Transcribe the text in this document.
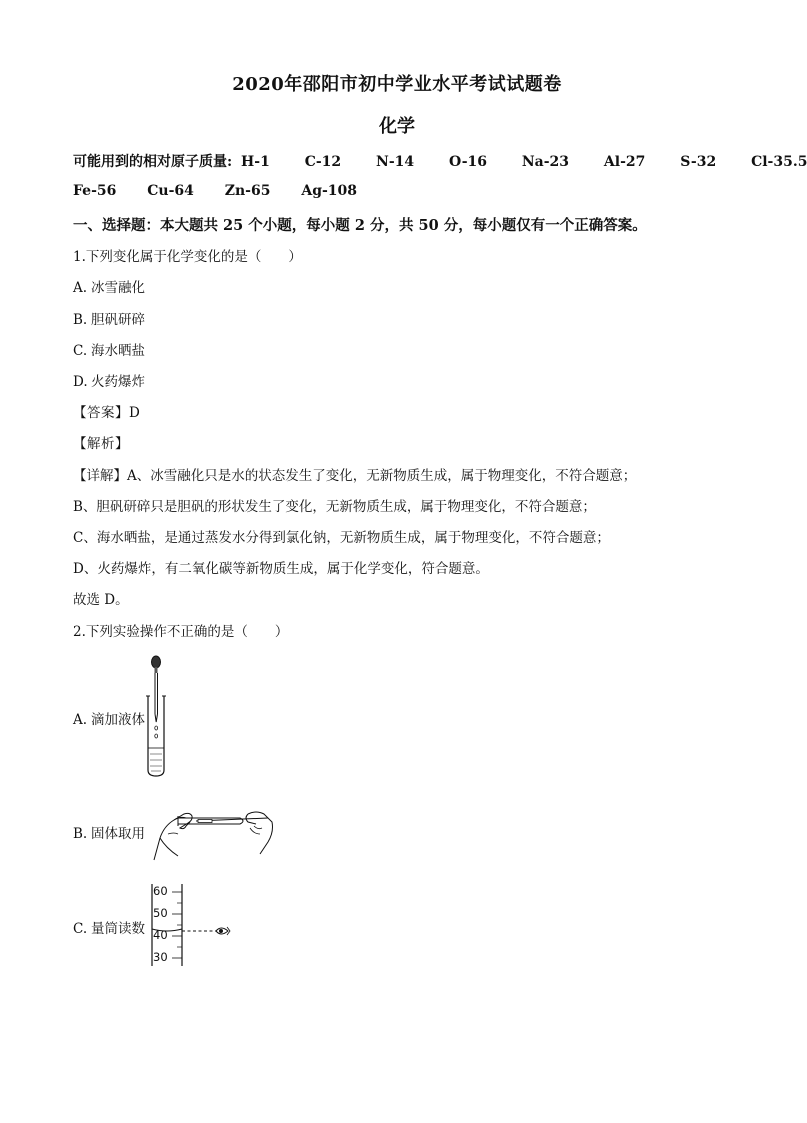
2020年邵阳市初中学业水平考试试题卷
化学
可能用到的相对原子质量: H-1 C-12 N-14 O-16 Na-23 Al-27 S-32 Cl-35.5
Fe-56 Cu-64 Zn-65 Ag-108
一、选择题：本大题共 25 个小题，每小题 2 分，共 50 分，每小题仅有一个正确答案。
1.下列变化属于化学变化的是（　　）
A. 冰雪融化
B. 胆矾研碎
C. 海水晒盐
D. 火药爆炸
【答案】D
【解析】
【详解】A、冰雪融化只是水的状态发生了变化，无新物质生成，属于物理变化，不符合题意；
B、胆矾研碎只是胆矾的形状发生了变化，无新物质生成，属于物理变化，不符合题意；
C、海水晒盐，是通过蒸发水分得到氯化钠，无新物质生成，属于物理变化，不符合题意；
D、火药爆炸，有二氧化碳等新物质生成，属于化学变化，符合题意。
故选 D。
2.下列实验操作不正确的是（　　）
A. 滴加液体
B. 固体取用
C. 量筒读数
60
50
40
30
